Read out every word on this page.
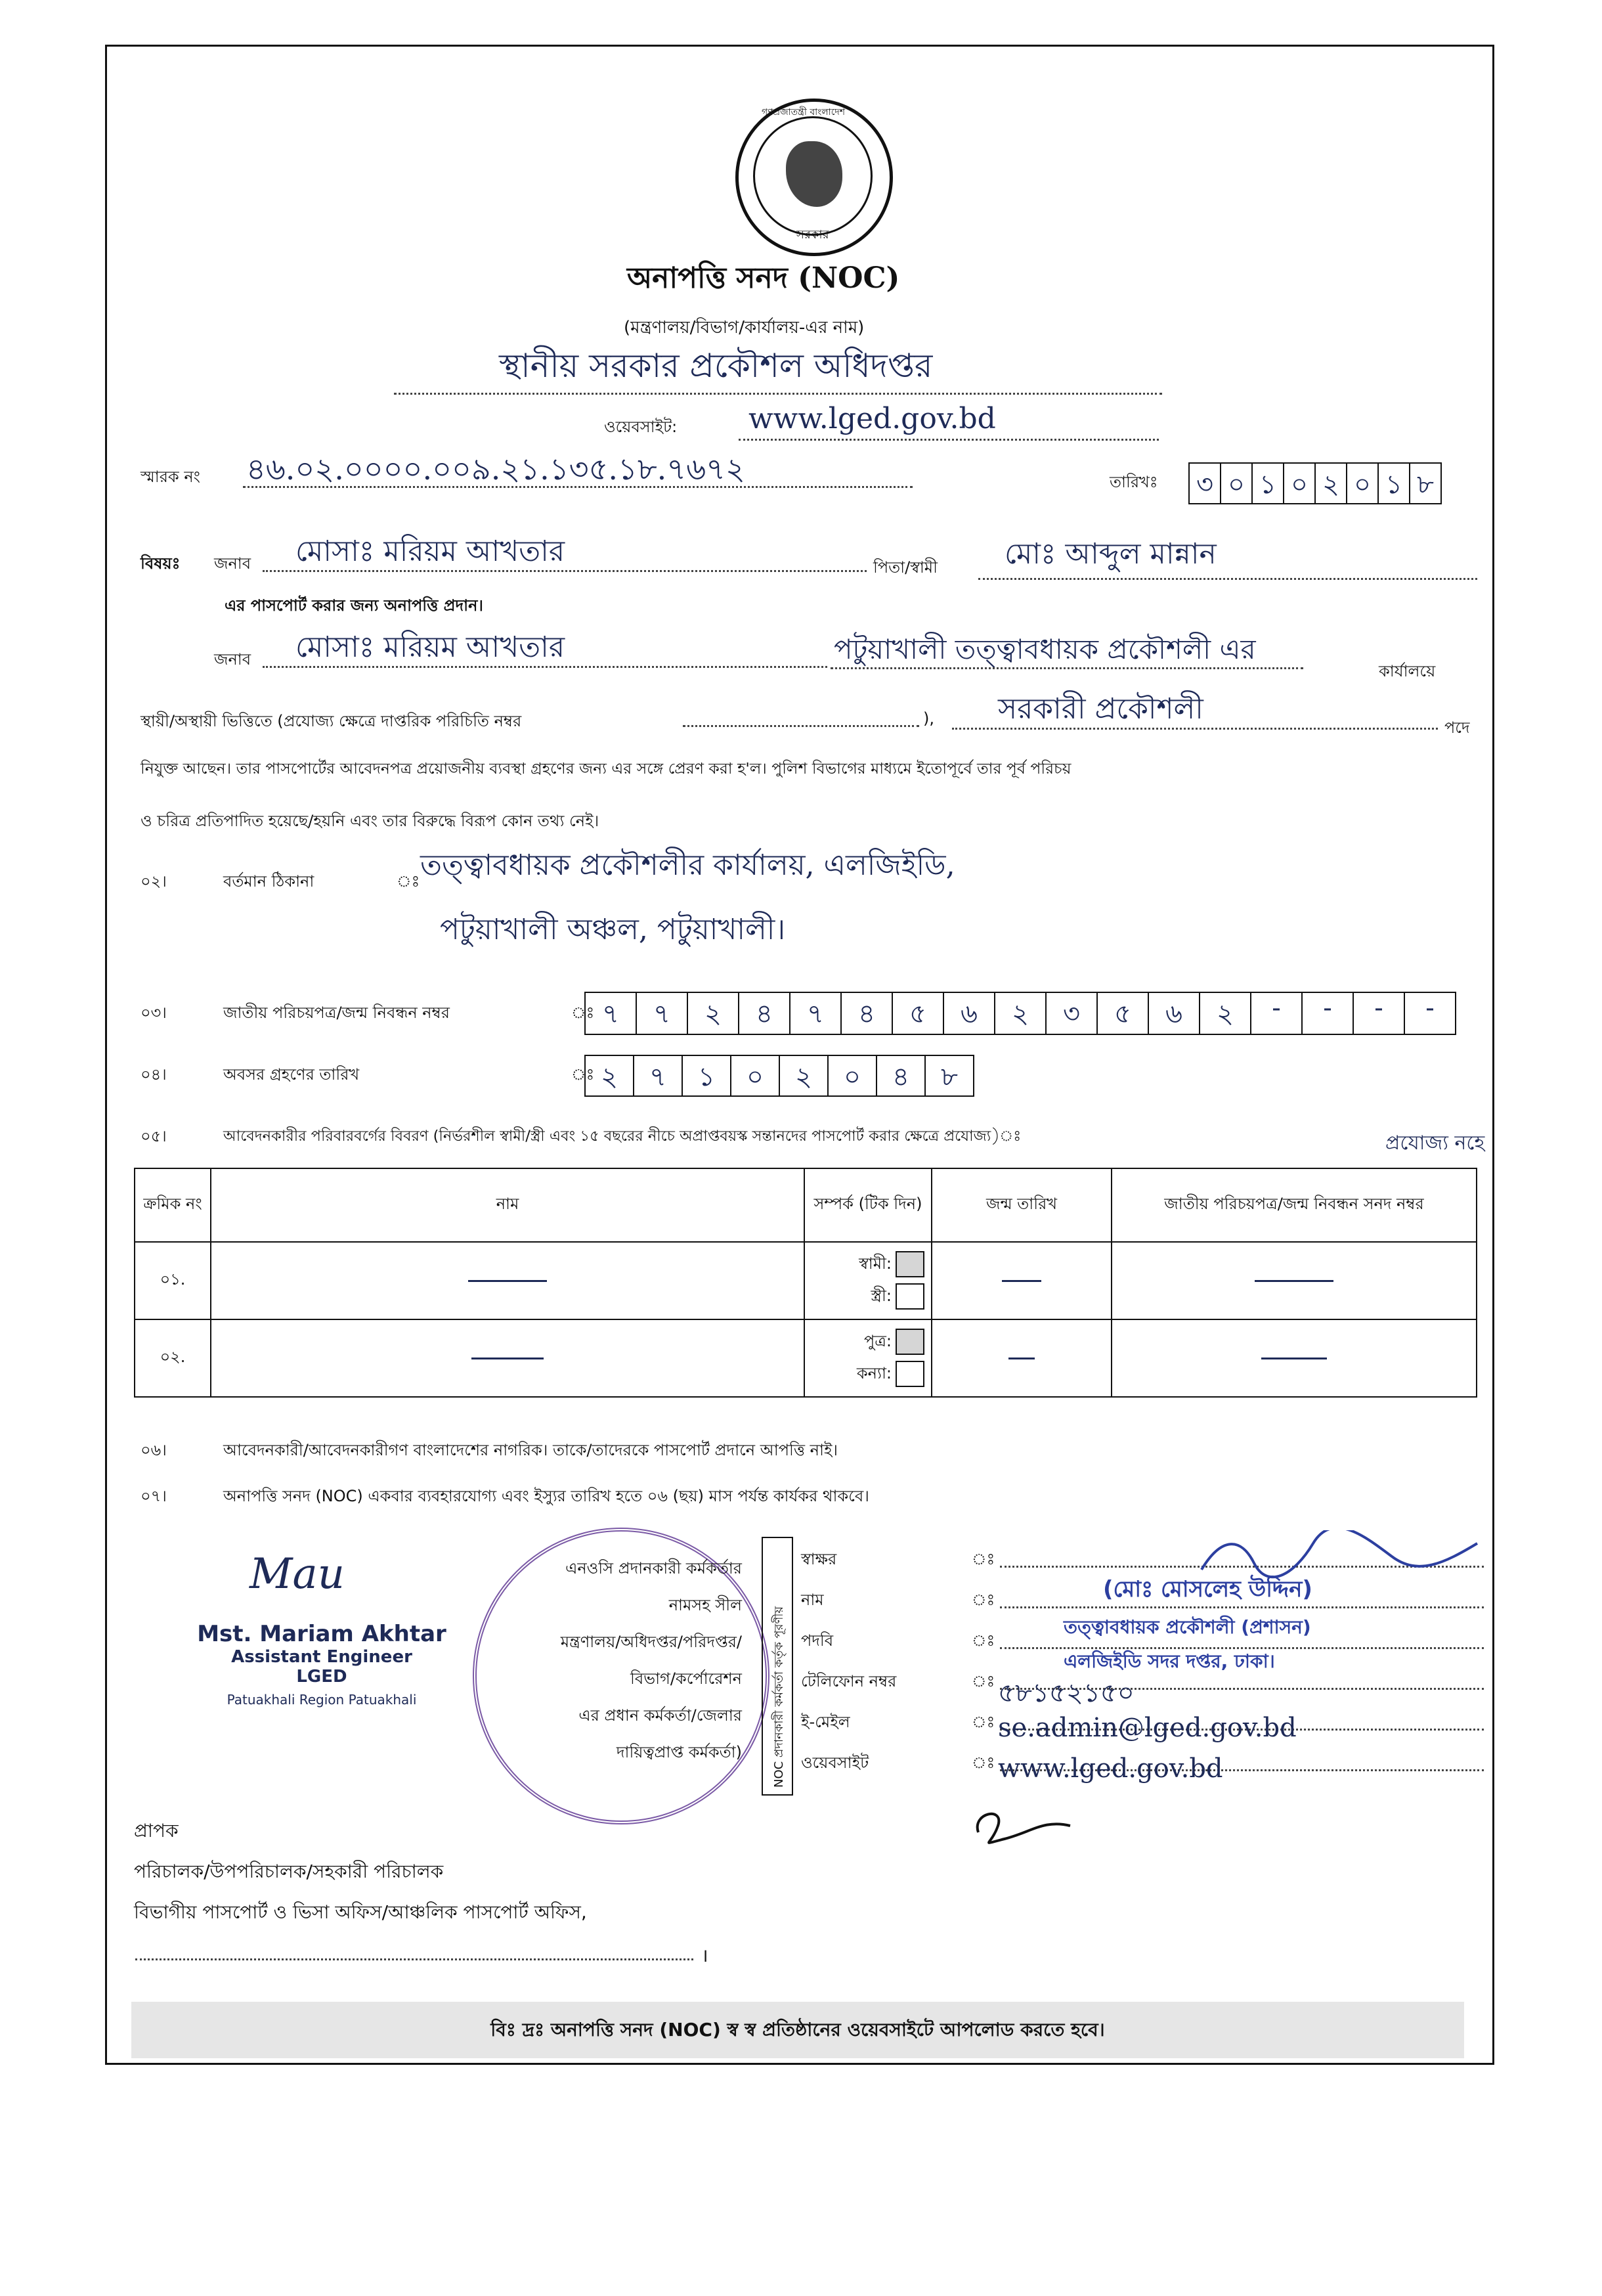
গণপ্রজাতন্ত্রী বাংলাদেশ
সরকার
অনাপত্তি সনদ (NOC)
(মন্ত্রণালয়/বিভাগ/কার্যালয়-এর নাম)
স্থানীয় সরকার প্রকৌশল অধিদপ্তর
ওয়েবসাইট: www.lged.gov.bd
স্মারক নং ৪৬.০২.০০০০.০০৯.২১.১৩৫.১৮.৭৬৭২	তারিখঃ ৩ ০ ১ ০ ২ ০ ১ ৮
বিষয়ঃ জনাব মোসাঃ মরিয়ম আখতার	পিতা/স্বামী মোঃ আব্দুল মান্নান
এর পাসপোর্ট করার জন্য অনাপত্তি প্রদান।
জনাব মোসাঃ মরিয়ম আখতার	পটুয়াখালী তত্ত্বাবধায়ক প্রকৌশলী এর
কার্যালয়ে
স্থায়ী/অস্থায়ী ভিত্তিতে (প্রযোজ্য ক্ষেত্রে দাপ্তরিক পরিচিতি নম্বর	), সরকারী প্রকৌশলী
পদে
নিযুক্ত আছেন। তার পাসপোর্টের আবেদনপত্র প্রয়োজনীয় ব্যবস্থা গ্রহণের জন্য এর সঙ্গে প্রেরণ করা হ'ল। পুলিশ বিভাগের মাধ্যমে ইতোপূর্বে তার পূর্ব পরিচয়
ও চরিত্র প্রতিপাদিত হয়েছে/হয়নি এবং তার বিরুদ্ধে বিরূপ কোন তথ্য নেই।
০২।	বর্তমান ঠিকানা	ঃ তত্ত্বাবধায়ক প্রকৌশলীর কার্যালয়, এলজিইডি,
পটুয়াখালী অঞ্চল, পটুয়াখালী।
০৩।	জাতীয় পরিচয়পত্র/জন্ম নিবন্ধন নম্বর	ঃ ৭	৭	২	৪	৭	৪	৫	৬	২	৩	৫	৬	২	-	-	-	-
০৪।	অবসর গ্রহণের তারিখ	ঃ ২	৭	১	০	২	০	৪	৮
০৫।	আবেদনকারীর পরিবারবর্গের বিবরণ (নির্ভরশীল স্বামী/স্ত্রী এবং ১৫ বছরের নীচে অপ্রাপ্তবয়স্ক সন্তানদের পাসপোর্ট করার ক্ষেত্রে প্রযোজ্য)ঃ	প্রযোজ্য নহে
ক্রমিক নং	নাম	সম্পর্ক (টিক দিন)	জন্ম তারিখ	জাতীয় পরিচয়পত্র/জন্ম নিবন্ধন সনদ নম্বর
০১.		স্বামী:
স্ত্রী:		

০২.		পুত্র:
কন্যা:		

০৬।	আবেদনকারী/আবেদনকারীগণ বাংলাদেশের নাগরিক। তাকে/তাদেরকে পাসপোর্ট প্রদানে আপত্তি নাই।
০৭।	অনাপত্তি সনদ (NOC) একবার ব্যবহারযোগ্য এবং ইস্যুর তারিখ হতে ০৬ (ছয়) মাস পর্যন্ত কার্যকর থাকবে।
Mau
Mst. Mariam Akhtar
Assistant Engineer
LGED
Patuakhali Region Patuakhali
এনওসি প্রদানকারী কর্মকর্তার
নামসহ সীল
মন্ত্রণালয়/অধিদপ্তর/পরিদপ্তর/
বিভাগ/কর্পোরেশন
এর প্রধান কর্মকর্তা/জেলার
দায়িত্বপ্রাপ্ত কর্মকর্তা)	NOC প্রদানকারী কর্মকর্তা কর্তৃক পূরণীয়
স্বাক্ষর
নাম
পদবি
টেলিফোন নম্বর
ই-মেইল
ওয়েবসাইট
ঃ
ঃ
ঃ
ঃ
ঃ
ঃ
(মোঃ মোসলেহ উদ্দিন)
তত্ত্বাবধায়ক প্রকৌশলী (প্রশাসন)
এলজিইডি সদর দপ্তর, ঢাকা।
৫৮১৫২১৫০
se.admin@lged.gov.bd
www.lged.gov.bd
প্রাপক
পরিচালক/উপপরিচালক/সহকারী পরিচালক
বিভাগীয় পাসপোর্ট ও ভিসা অফিস/আঞ্চলিক পাসপোর্ট অফিস,
।
বিঃ দ্রঃ অনাপত্তি সনদ (NOC) স্ব স্ব প্রতিষ্ঠানের ওয়েবসাইটে আপলোড করতে হবে।
